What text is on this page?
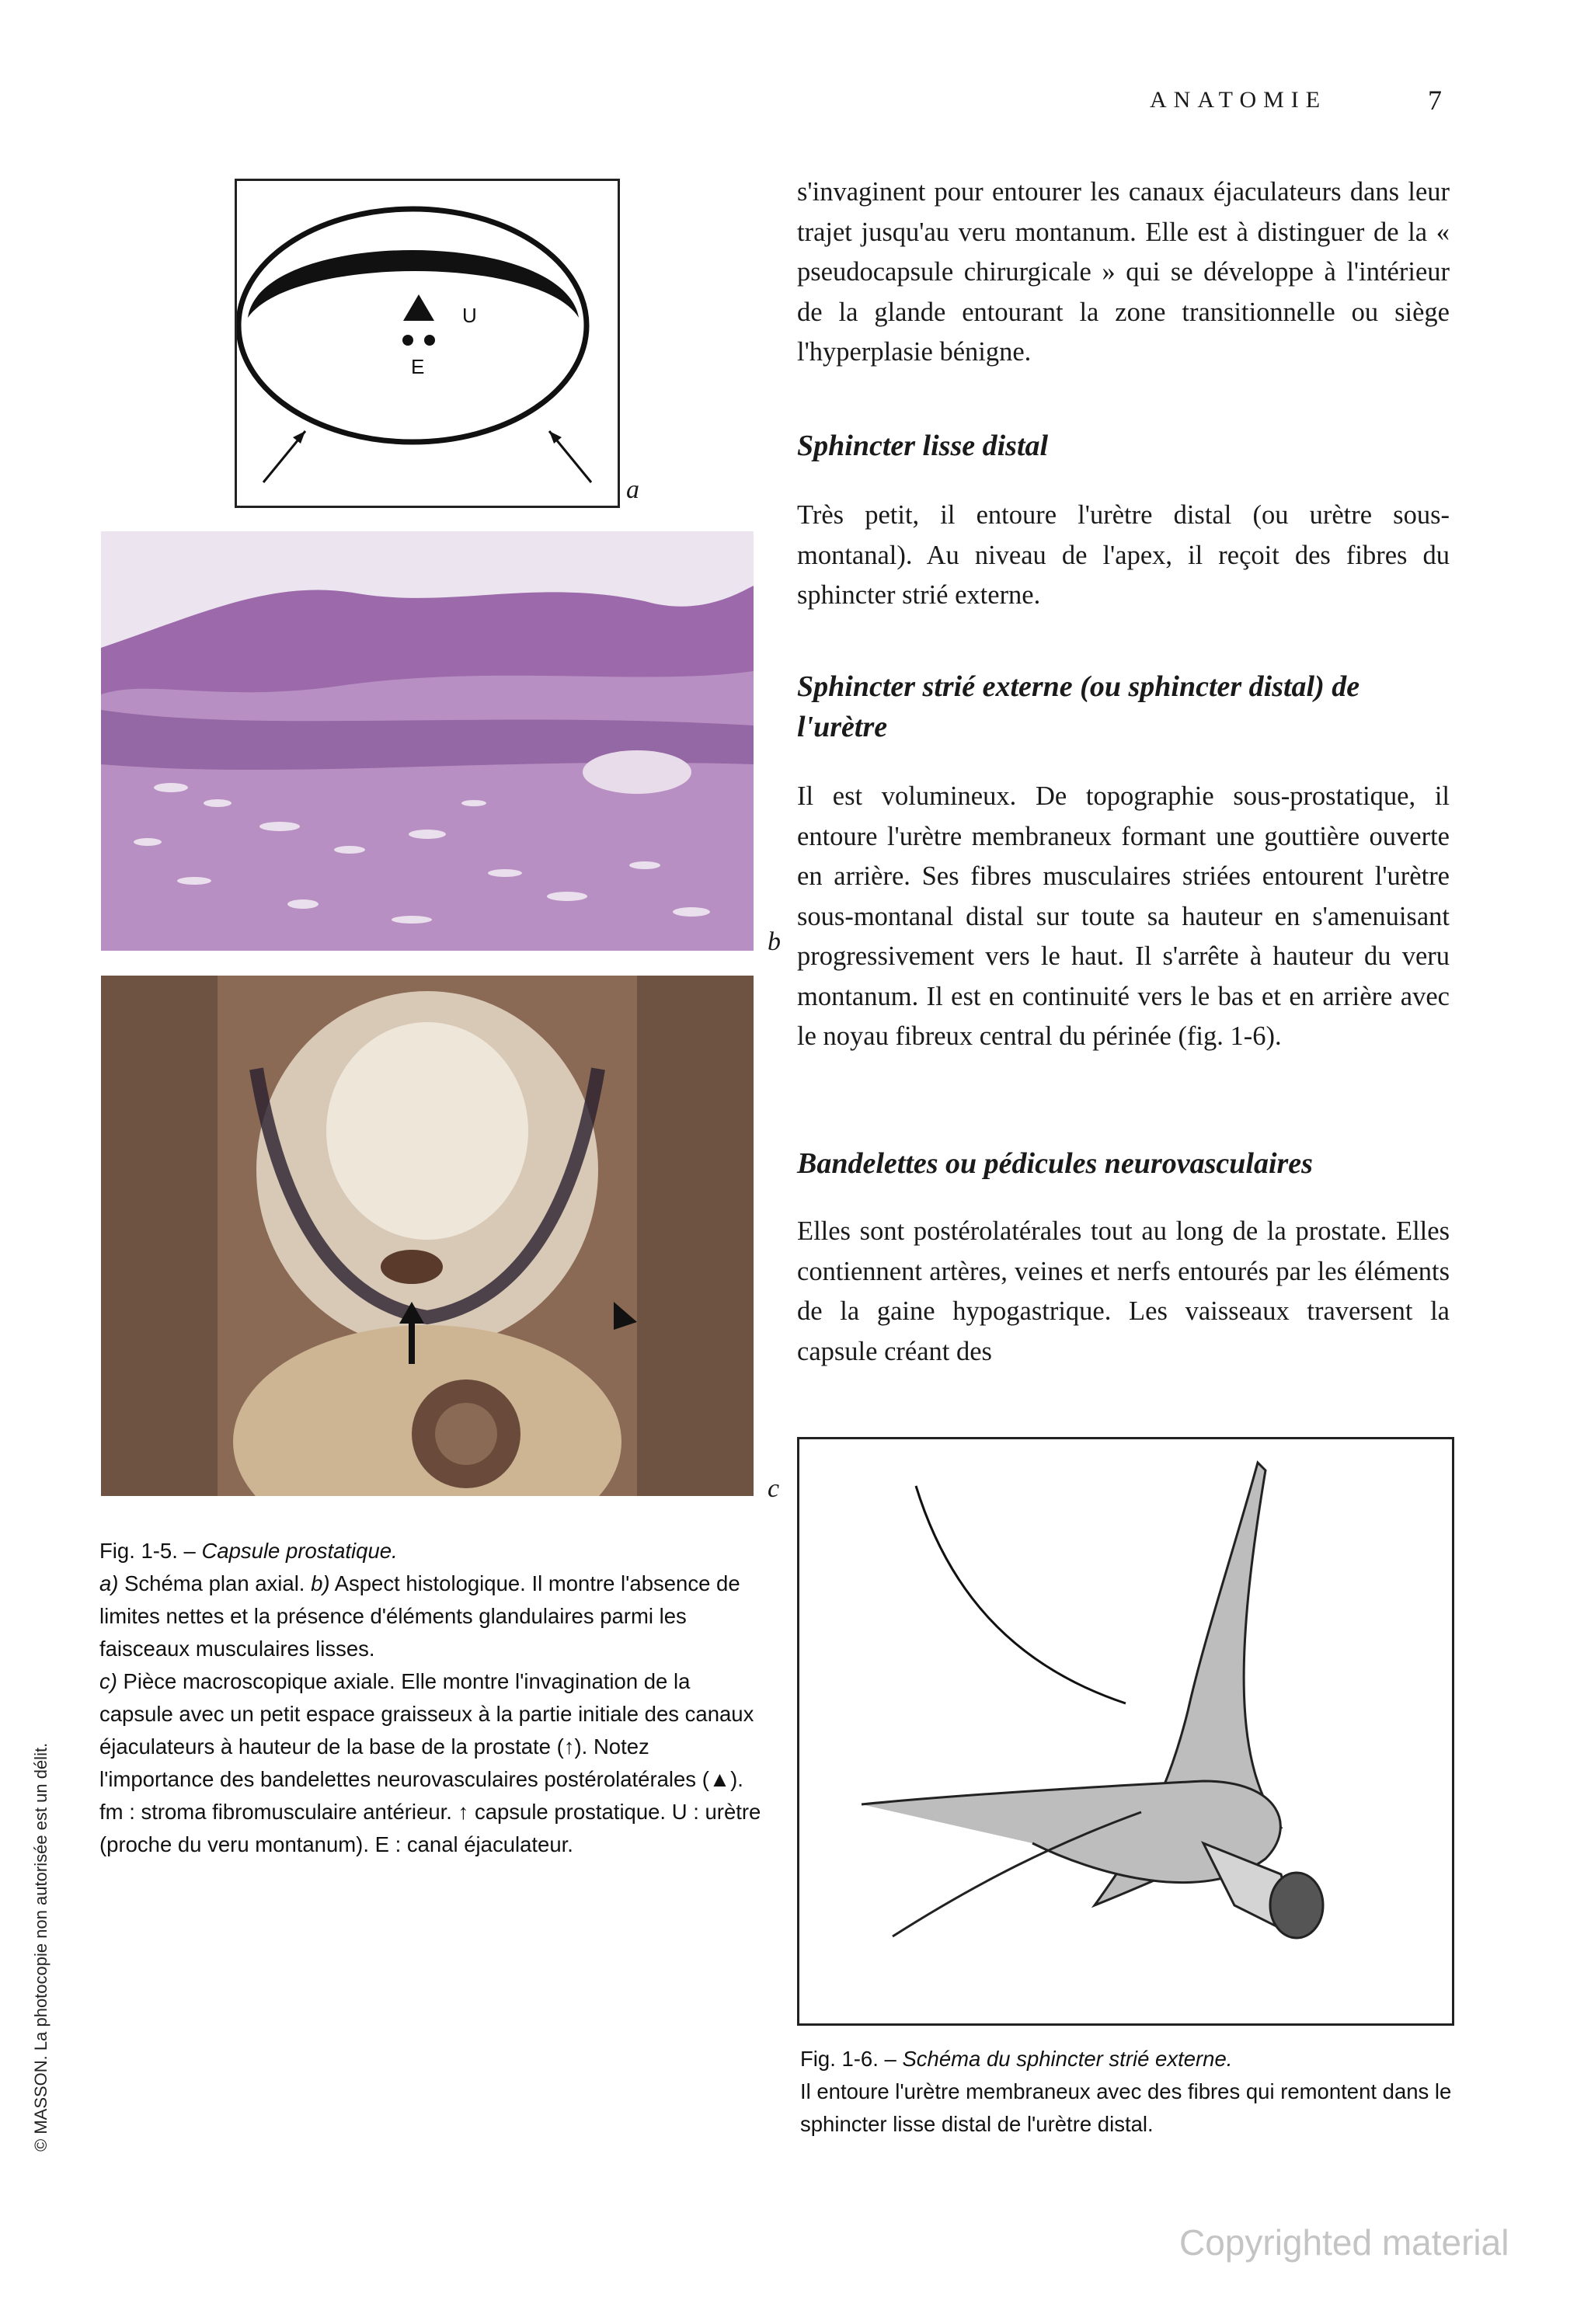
ANATOMIE	7
© MASSON. La photocopie non autorisée est un délit.
fm
U
E
a
b
c

Fig. 1-5. – Capsule prostatique.

a) Schéma plan axial. b) Aspect histologique. Il montre l'absence de limites nettes et la présence d'éléments glandulaires parmi les faisceaux musculaires lisses.

c) Pièce macroscopique axiale. Elle montre l'invagination de la capsule avec un petit espace graisseux à la partie initiale des canaux éjaculateurs à hauteur de la base de la prostate (↑). Notez l'importance des bandelettes neurovasculaires postérolatérales (▲). fm : stroma fibromusculaire antérieur. ↑ capsule prostatique. U : urètre (proche du veru montanum). E : canal éjaculateur.

s'invaginent pour entourer les canaux éjaculateurs dans leur trajet jusqu'au veru montanum. Elle est à distinguer de la « pseudocapsule chirurgicale » qui se développe à l'intérieur de la glande entourant la zone transitionnelle ou siège l'hyperplasie bénigne.

Sphincter lisse distal

Très petit, il entoure l'urètre distal (ou urètre sous-montanal). Au niveau de l'apex, il reçoit des fibres du sphincter strié externe.

Sphincter strié externe (ou sphincter distal) de l'urètre

Il est volumineux. De topographie sous-prostatique, il entoure l'urètre membraneux formant une gouttière ouverte en arrière. Ses fibres musculaires striées entourent l'urètre sous-montanal distal sur toute sa hauteur en s'amenuisant progressivement vers le haut. Il s'arrête à hauteur du veru montanum. Il est en continuité vers le bas et en arrière avec le noyau fibreux central du périnée (fig. 1-6).

Bandelettes ou pédicules neurovasculaires

Elles sont postérolatérales tout au long de la prostate. Elles contiennent artères, veines et nerfs entourés par les éléments de la gaine hypogastrique. Les vaisseaux traversent la capsule créant des

Fig. 1-6. – Schéma du sphincter strié externe.

Il entoure l'urètre membraneux avec des fibres qui remontent dans le sphincter lisse distal de l'urètre distal.

Copyrighted material
